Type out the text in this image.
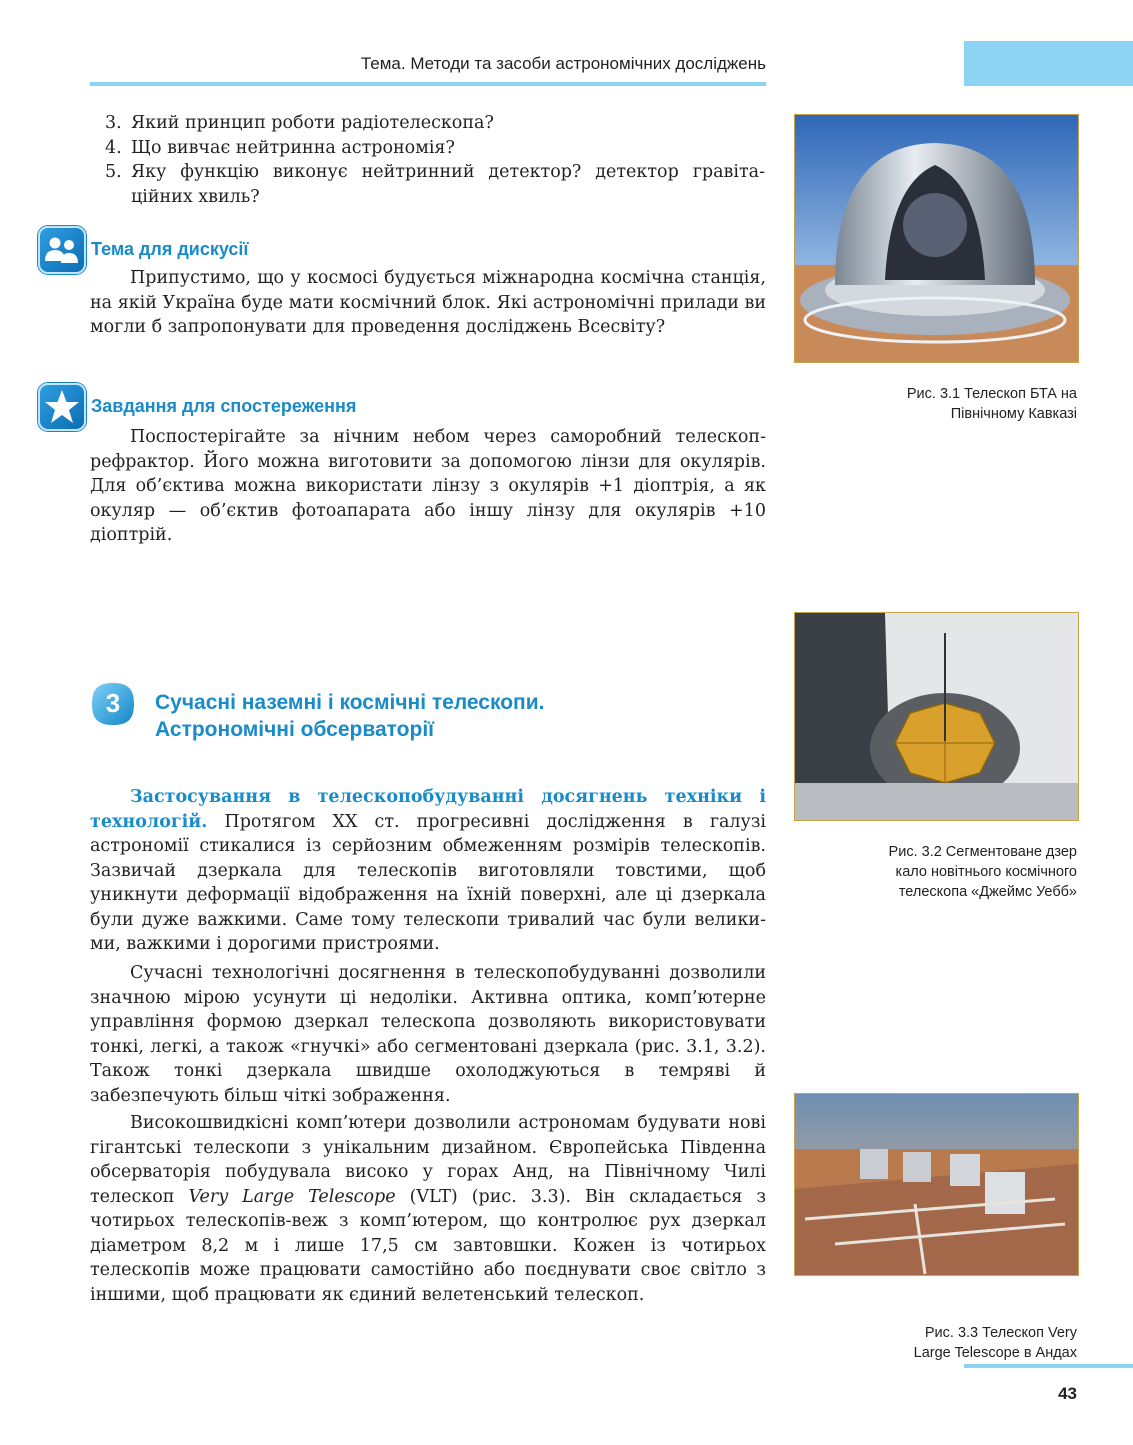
Тема. Методи та засоби астрономічних досліджень
3. Який принцип роботи радіотелескопа?
4. Що вивчає нейтринна астрономія?
5. Яку функцію виконує нейтринний детектор? детектор гравітаційних хвиль?
Тема для дискусії

Припустимо, що у космосі будується міжнародна космічна станція, на якій Україна буде мати космічний блок. Які астрономічні прилади ви могли б запропонувати для проведення досліджень Всесвіту?

Завдання для спостереження

Поспостерігайте за нічним небом через саморобний телескоп-рефрактор. Його можна виготовити за допомогою лінзи для окулярів. Для об’єктива можна використати лінзу з окулярів +1 діоптрія, а як окуляр — об’єктив фотоапарата або іншу лінзу для окулярів +10 діоптрій.

3	Сучасні наземні і космічні телескопи.
Астрономічні обсерваторії

Застосування в телескопобудуванні досягнень техніки і технологій. Протягом XX ст. прогресивні дослідження в галузі астрономії стикалися із серйозним обмеженням розмірів телескопів. Зазвичай дзеркала для телескопів виготовляли товстими, щоб уникнути деформації відображення на їхній поверхні, але ці дзеркала були дуже важкими. Саме тому телескопи тривалий час були великими, важкими і дорогими пристроями.

Сучасні технологічні досягнення в телескопобудуванні дозволили значною мірою усунути ці недоліки. Активна оптика, комп’ютерне управління формою дзеркал телескопа дозволяють використовувати тонкі, легкі, а також «гнучкі» або сегментовані дзеркала (рис. 3.1, 3.2). Також тонкі дзеркала швидше охолоджуються в темряві й забезпечують більш чіткі зображення.

Високошвидкісні комп’ютери дозволили астрономам будувати нові гігантські телескопи з унікальним дизайном. Європейська Південна обсерваторія побудувала високо у горах Анд, на Північному Чилі телескоп Very Large Telescope (VLT) (рис. 3.3). Він складається з чотирьох телескопів-веж з комп’ютером, що контролює рух дзеркал діаметром 8,2 м і лише 17,5 см завтовшки. Кожен із чотирьох телескопів може працювати самостійно або поєднувати своє світло з іншими, щоб працювати як єдиний велетенський телескоп.

Рис. 3.1 Телескоп БТА на
Північному Кавказі
Рис. 3.2 Сегментоване дзер
кало новітнього космічного
телескопа «Джеймс Уебб»
Рис. 3.3 Телескоп Very
Large Telescope в Андах
43
